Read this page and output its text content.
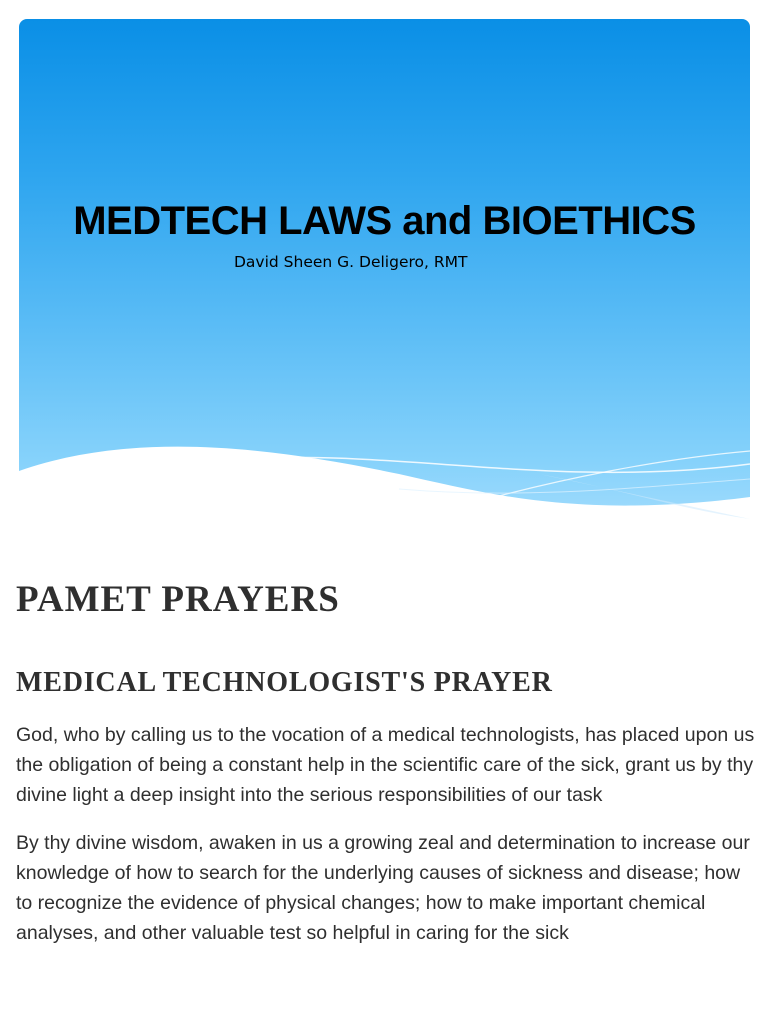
MEDTECH LAWS and BIOETHICS
David Sheen G. Deligero, RMT
PAMET PRAYERS
MEDICAL TECHNOLOGIST'S PRAYER

God, who by calling us to the vocation of a medical technologists, has placed upon us the obligation of being a constant help in the scientific care of the sick, grant us by thy divine light a deep insight into the serious responsibilities of our task

By thy divine wisdom, awaken in us a growing zeal and determination to increase our knowledge of how to search for the underlying causes of sickness and disease; how to recognize the evidence of physical changes; how to make important chemical analyses, and other valuable test so helpful in caring for the sick
